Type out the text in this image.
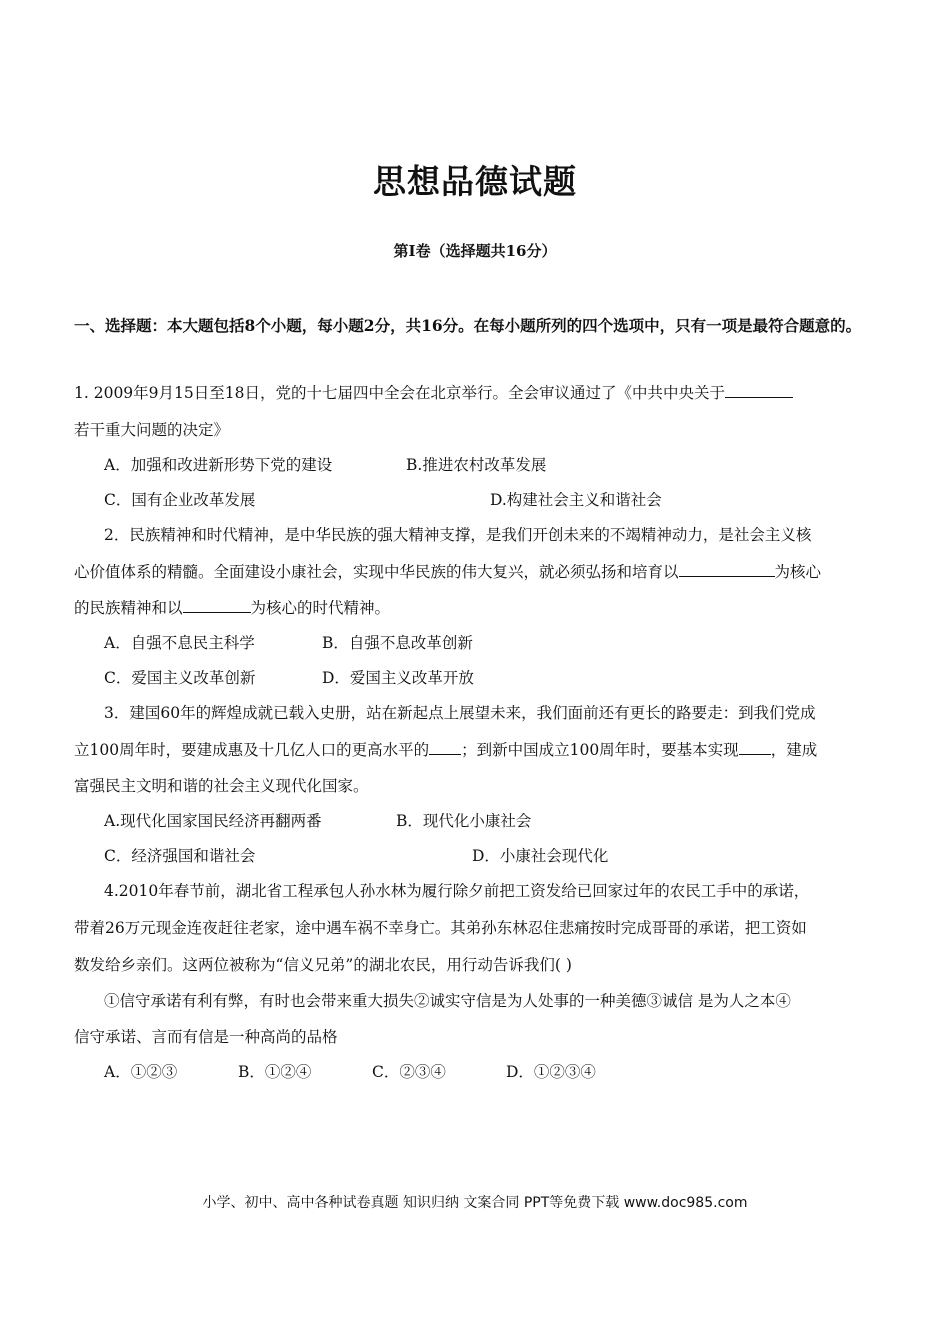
思想品德试题
第Ⅰ卷（选择题共16分）
一、选择题：本大题包括8个小题，每小题2分，共16分。在每小题所列的四个选项中，只有一项是最符合题意的。
1. 2009年9月15日至18日，党的十七届四中全会在北京举行。全会审议通过了《中共中央关于
若干重大问题的决定》
A．加强和改进新形势下党的建设	B.推进农村改革发展
C．国有企业改革发展	D.构建社会主义和谐社会
2．民族精神和时代精神，是中华民族的强大精神支撑，是我们开创未来的不竭精神动力，是社会主义核
心价值体系的精髓。全面建设小康社会，实现中华民族的伟大复兴，就必须弘扬和培育以	为核心
的民族精神和以	为核心的时代精神。
A．自强不息民主科学	B．自强不息改革创新
C．爱国主义改革创新	D．爱国主义改革开放
3．建国60年的辉煌成就已载入史册，站在新起点上展望未来，我们面前还有更长的路要走：到我们党成
立100周年时，要建成惠及十几亿人口的更高水平的 ；到新中国成立100周年时，要基本实现 ，建成
富强民主文明和谐的社会主义现代化国家。
A.现代化国家国民经济再翻两番	B．现代化小康社会
C．经济强国和谐社会	D．小康社会现代化
4.2010年春节前，湖北省工程承包人孙水林为履行除夕前把工资发给已回家过年的农民工手中的承诺，
带着26万元现金连夜赶往老家，途中遇车祸不幸身亡。其弟孙东林忍住悲痛按时完成哥哥的承诺，把工资如
数发给乡亲们。这两位被称为“信义兄弟”的湖北农民，用行动告诉我们( )
①信守承诺有利有弊，有时也会带来重大损失②诚实守信是为人处事的一种美德③诚信 是为人之本④
信守承诺、言而有信是一种高尚的品格
A．①②③	B．①②④	C．②③④	D．①②③④
小学、初中、高中各种试卷真题 知识归纳 文案合同 PPT等免费下载 www.doc985.com
